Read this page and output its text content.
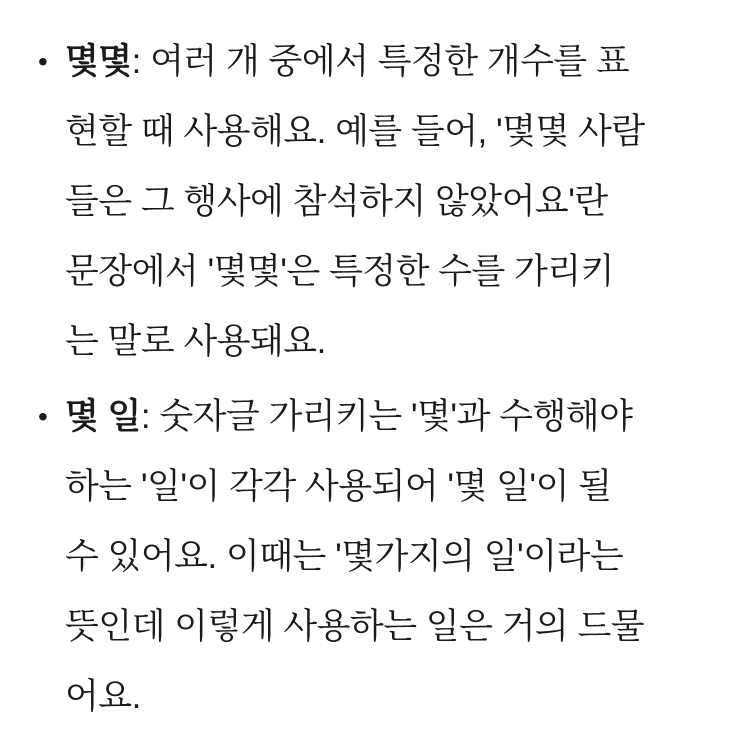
• 몇몇: 여러 개 중에서 특정한 개수를 표
현할 때 사용해요. 예를 들어, '몇몇 사람
들은 그 행사에 참석하지 않았어요'란
문장에서 '몇몇'은 특정한 수를 가리키
는 말로 사용돼요.
• 몇 일: 숫자글 가리키는 '몇'과 수행해야
하는 '일'이 각각 사용되어 '몇 일'이 될
수 있어요. 이때는 '몇가지의 일'이라는
뜻인데 이렇게 사용하는 일은 거의 드물
어요.
